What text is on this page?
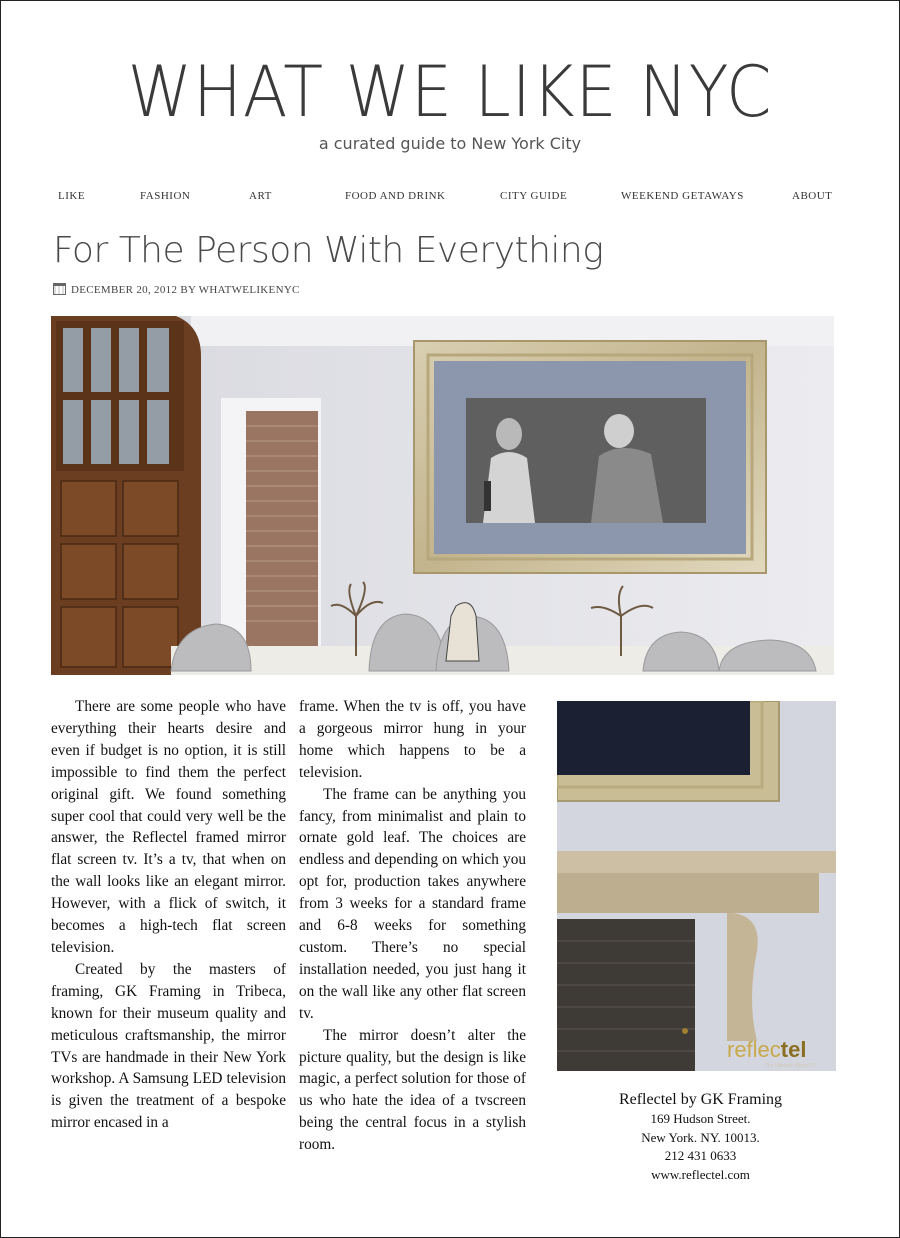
WHAT WE LIKE NYC
a curated guide to New York City
LIKE	FASHION	ART	FOOD AND DRINK	CITY GUIDE	WEEKEND GETAWAYS	ABOUT
For The Person With Everything
DECEMBER 20, 2012 BY WHATWELIKENYC

There are some people who have everything their hearts desire and even if budget is no option, it is still impossible to find them the perfect original gift. We found something super cool that could very well be the answer, the Reflectel framed mirror flat screen tv. It’s a tv, that when on the wall looks like an elegant mirror. However, with a flick of switch, it becomes a high-tech flat screen television.

Created by the masters of framing, GK Framing in Tribeca, known for their museum quality and meticulous craftsmanship, the mirror TVs are handmade in their New York workshop. A Samsung LED television is given the treatment of a bespoke mirror encased in a

frame. When the tv is off, you have a gorgeous mirror hung in your home which happens to be a television.

The frame can be anything you fancy, from minimalist and plain to ornate gold leaf. The choices are endless and depending on which you opt for, production takes anywhere from 3 weeks for a standard frame and 6-8 weeks for something custom. There’s no special installation needed, you just hang it on the wall like any other flat screen tv.

The mirror doesn’t alter the picture quality, but the design is like magic, a perfect solution for those of us who hate the idea of a tvscreen being the central focus in a stylish room.

reflectel
The Ultimate Mirror-TV
Reflectel by GK Framing
169 Hudson Street.
New York. NY. 10013.
212 431 0633
www.reflectel.com
